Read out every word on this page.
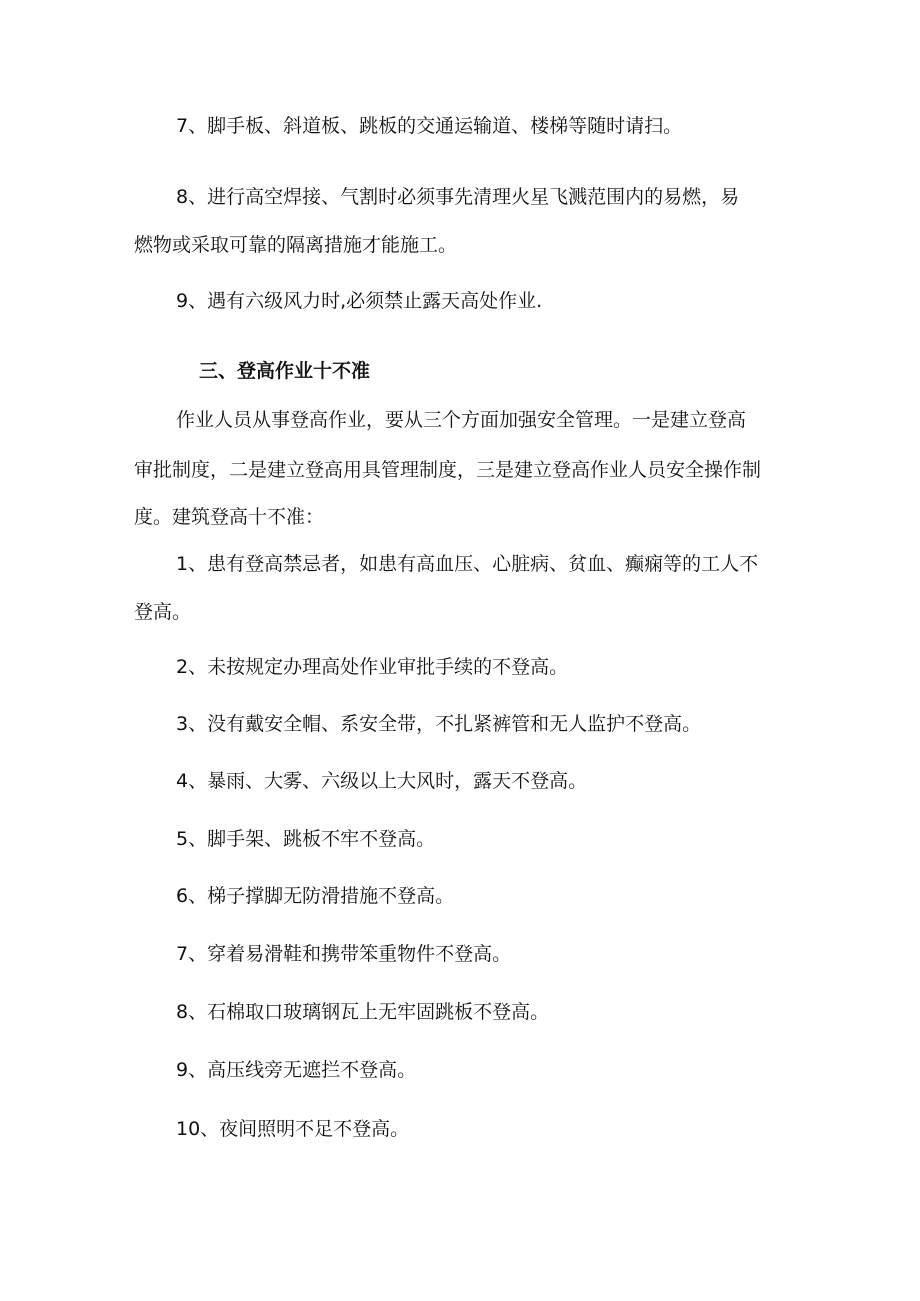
7、脚手板、斜道板、跳板的交通运输道、楼梯等随时请扫。
8、进行高空焊接、气割时必须事先清理火星飞溅范围内的易燃，易
燃物或采取可靠的隔离措施才能施工。
9、遇有六级风力时,必须禁止露天高处作业.
三、登高作业十不准
作业人员从事登高作业，要从三个方面加强安全管理。一是建立登高
审批制度，二是建立登高用具管理制度，三是建立登高作业人员安全操作制
度。建筑登高十不准：
1、患有登高禁忌者，如患有高血压、心脏病、贫血、癫痫等的工人不
登高。
2、未按规定办理高处作业审批手续的不登高。
3、没有戴安全帽、系安全带，不扎紧裤管和无人监护不登高。
4、暴雨、大雾、六级以上大风时，露天不登高。
5、脚手架、跳板不牢不登高。
6、梯子撑脚无防滑措施不登高。
7、穿着易滑鞋和携带笨重物件不登高。
8、石棉取口玻璃钢瓦上无牢固跳板不登高。
9、高压线旁无遮拦不登高。
10、夜间照明不足不登高。
